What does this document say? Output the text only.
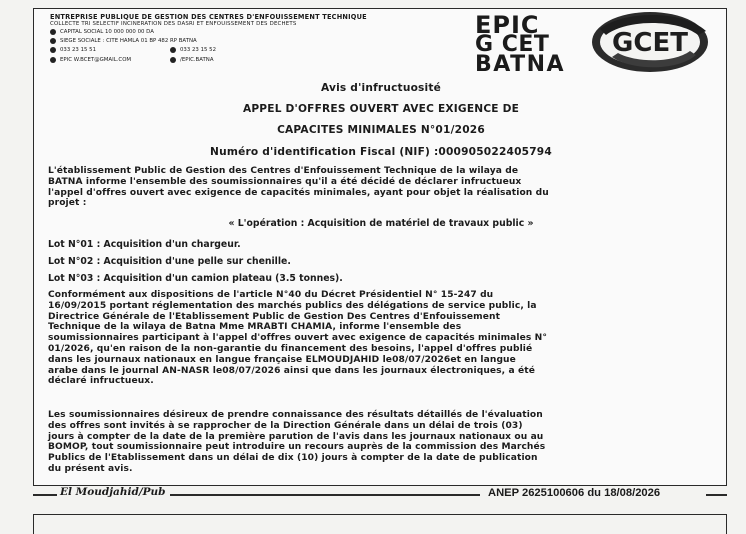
ENTREPRISE PUBLIQUE DE GESTION DES CENTRES D'ENFOUISSEMENT TECHNIQUE
COLLECTE TRI SELECTIF INCINERATION DES DASRI ET ENFOUISSEMENT DES DECHETS
CAPITAL SOCIAL 10 000 000 00 DA
SIEGE SOCIALE : CITE HAMLA 01 BP 482 RP BATNA
033 23 15 51	033 23 15 52
EPIC W.BCET@GMAIL.COM	/EPIC.BATNA
EPIC
G CET
BATNA
GCET
Avis d'infructuosité
APPEL D'OFFRES OUVERT AVEC EXIGENCE DE
CAPACITES MINIMALES N°01/2026
Numéro d'identification Fiscal (NIF) :000905022405794

L'établissement Public de Gestion des Centres d'Enfouissement Technique de la wilaya de

BATNA informe l'ensemble des soumissionnaires qu'il a été décidé de déclarer infructueux

l'appel d'offres ouvert avec exigence de capacités minimales, ayant pour objet la réalisation du

projet :

« L'opération : Acquisition de matériel de travaux public »
Lot N°01 : Acquisition d'un chargeur.
Lot N°02 : Acquisition d'une pelle sur chenille.
Lot N°03 : Acquisition d'un camion plateau (3.5 tonnes).

Conformément aux dispositions de l'article N°40 du Décret Présidentiel N° 15-247 du

16/09/2015 portant réglementation des marchés publics des délégations de service public, la

Directrice Générale de l'Etablissement Public de Gestion Des Centres d'Enfouissement

Technique de la wilaya de Batna Mme MRABTI CHAMIA, informe l'ensemble des

soumissionnaires participant à l'appel d'offres ouvert avec exigence de capacités minimales N°

01/2026, qu'en raison de la non-garantie du financement des besoins, l'appel d'offres publié

dans les journaux nationaux en langue française ELMOUDJAHID le08/07/2026et en langue

arabe dans le journal AN-NASR le08/07/2026 ainsi que dans les journaux électroniques, a été

déclaré infructueux.

Les soumissionnaires désireux de prendre connaissance des résultats détaillés de l'évaluation

des offres sont invités à se rapprocher de la Direction Générale dans un délai de trois (03)

jours à compter de la date de la première parution de l'avis dans les journaux nationaux ou au

BOMOP, tout soumissionnaire peut introduire un recours auprès de la commission des Marchés

Publics de l'Etablissement dans un délai de dix (10) jours à compter de la date de publication

du présent avis.

El Moudjahid/Pub	ANEP 2625100606 du 18/08/2026
